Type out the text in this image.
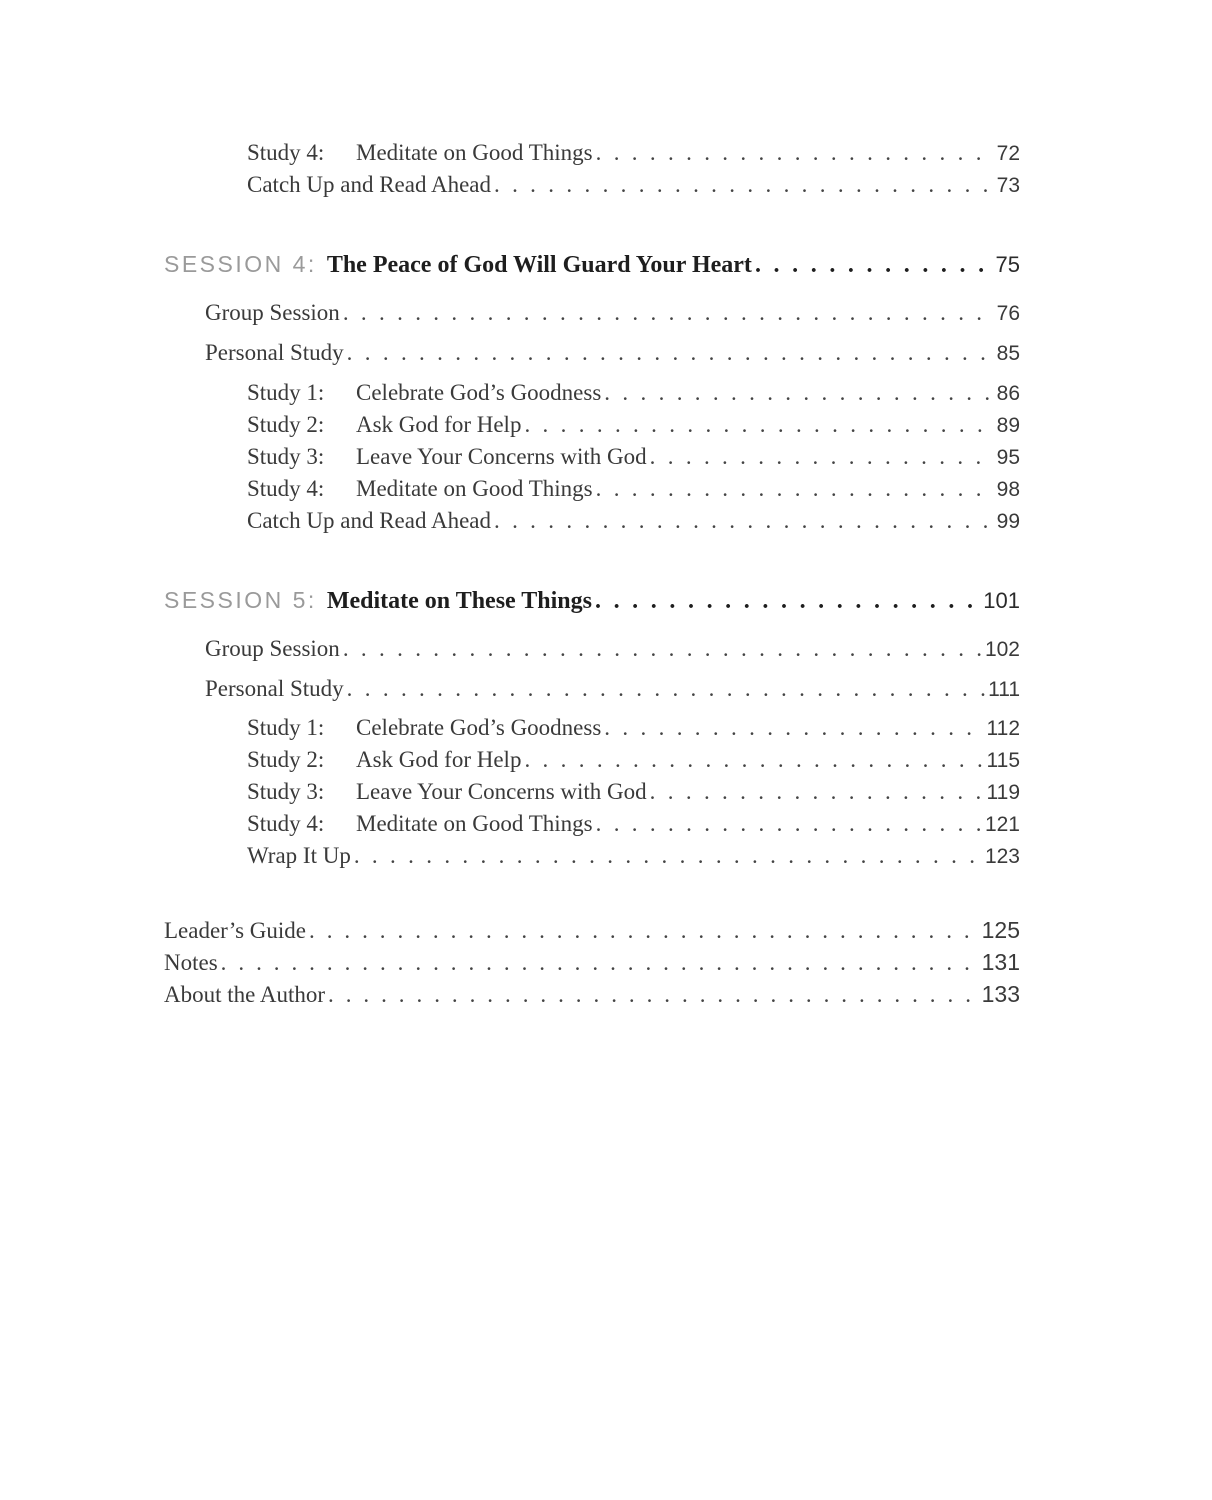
Study 4:	Meditate on Good Things . . .	72
Catch Up and Read Ahead . . .	73
SESSION 4: The Peace of God Will Guard Your Heart . . .	75
Group Session . . .	76
Personal Study . . .	85
Study 1:	Celebrate God’s Goodness . . .	86
Study 2:	Ask God for Help . . .	89
Study 3:	Leave Your Concerns with God . . .	95
Study 4:	Meditate on Good Things . . .	98
Catch Up and Read Ahead . . .	99
SESSION 5: Meditate on These Things . . .	101
Group Session . . .	102
Personal Study . . .	111
Study 1:	Celebrate God’s Goodness . . .	112
Study 2:	Ask God for Help . . .	115
Study 3:	Leave Your Concerns with God . . .	119
Study 4:	Meditate on Good Things . . .	121
Wrap It Up . . .	123
Leader’s Guide . . .	125
Notes . . .	131
About the Author . . .	133
